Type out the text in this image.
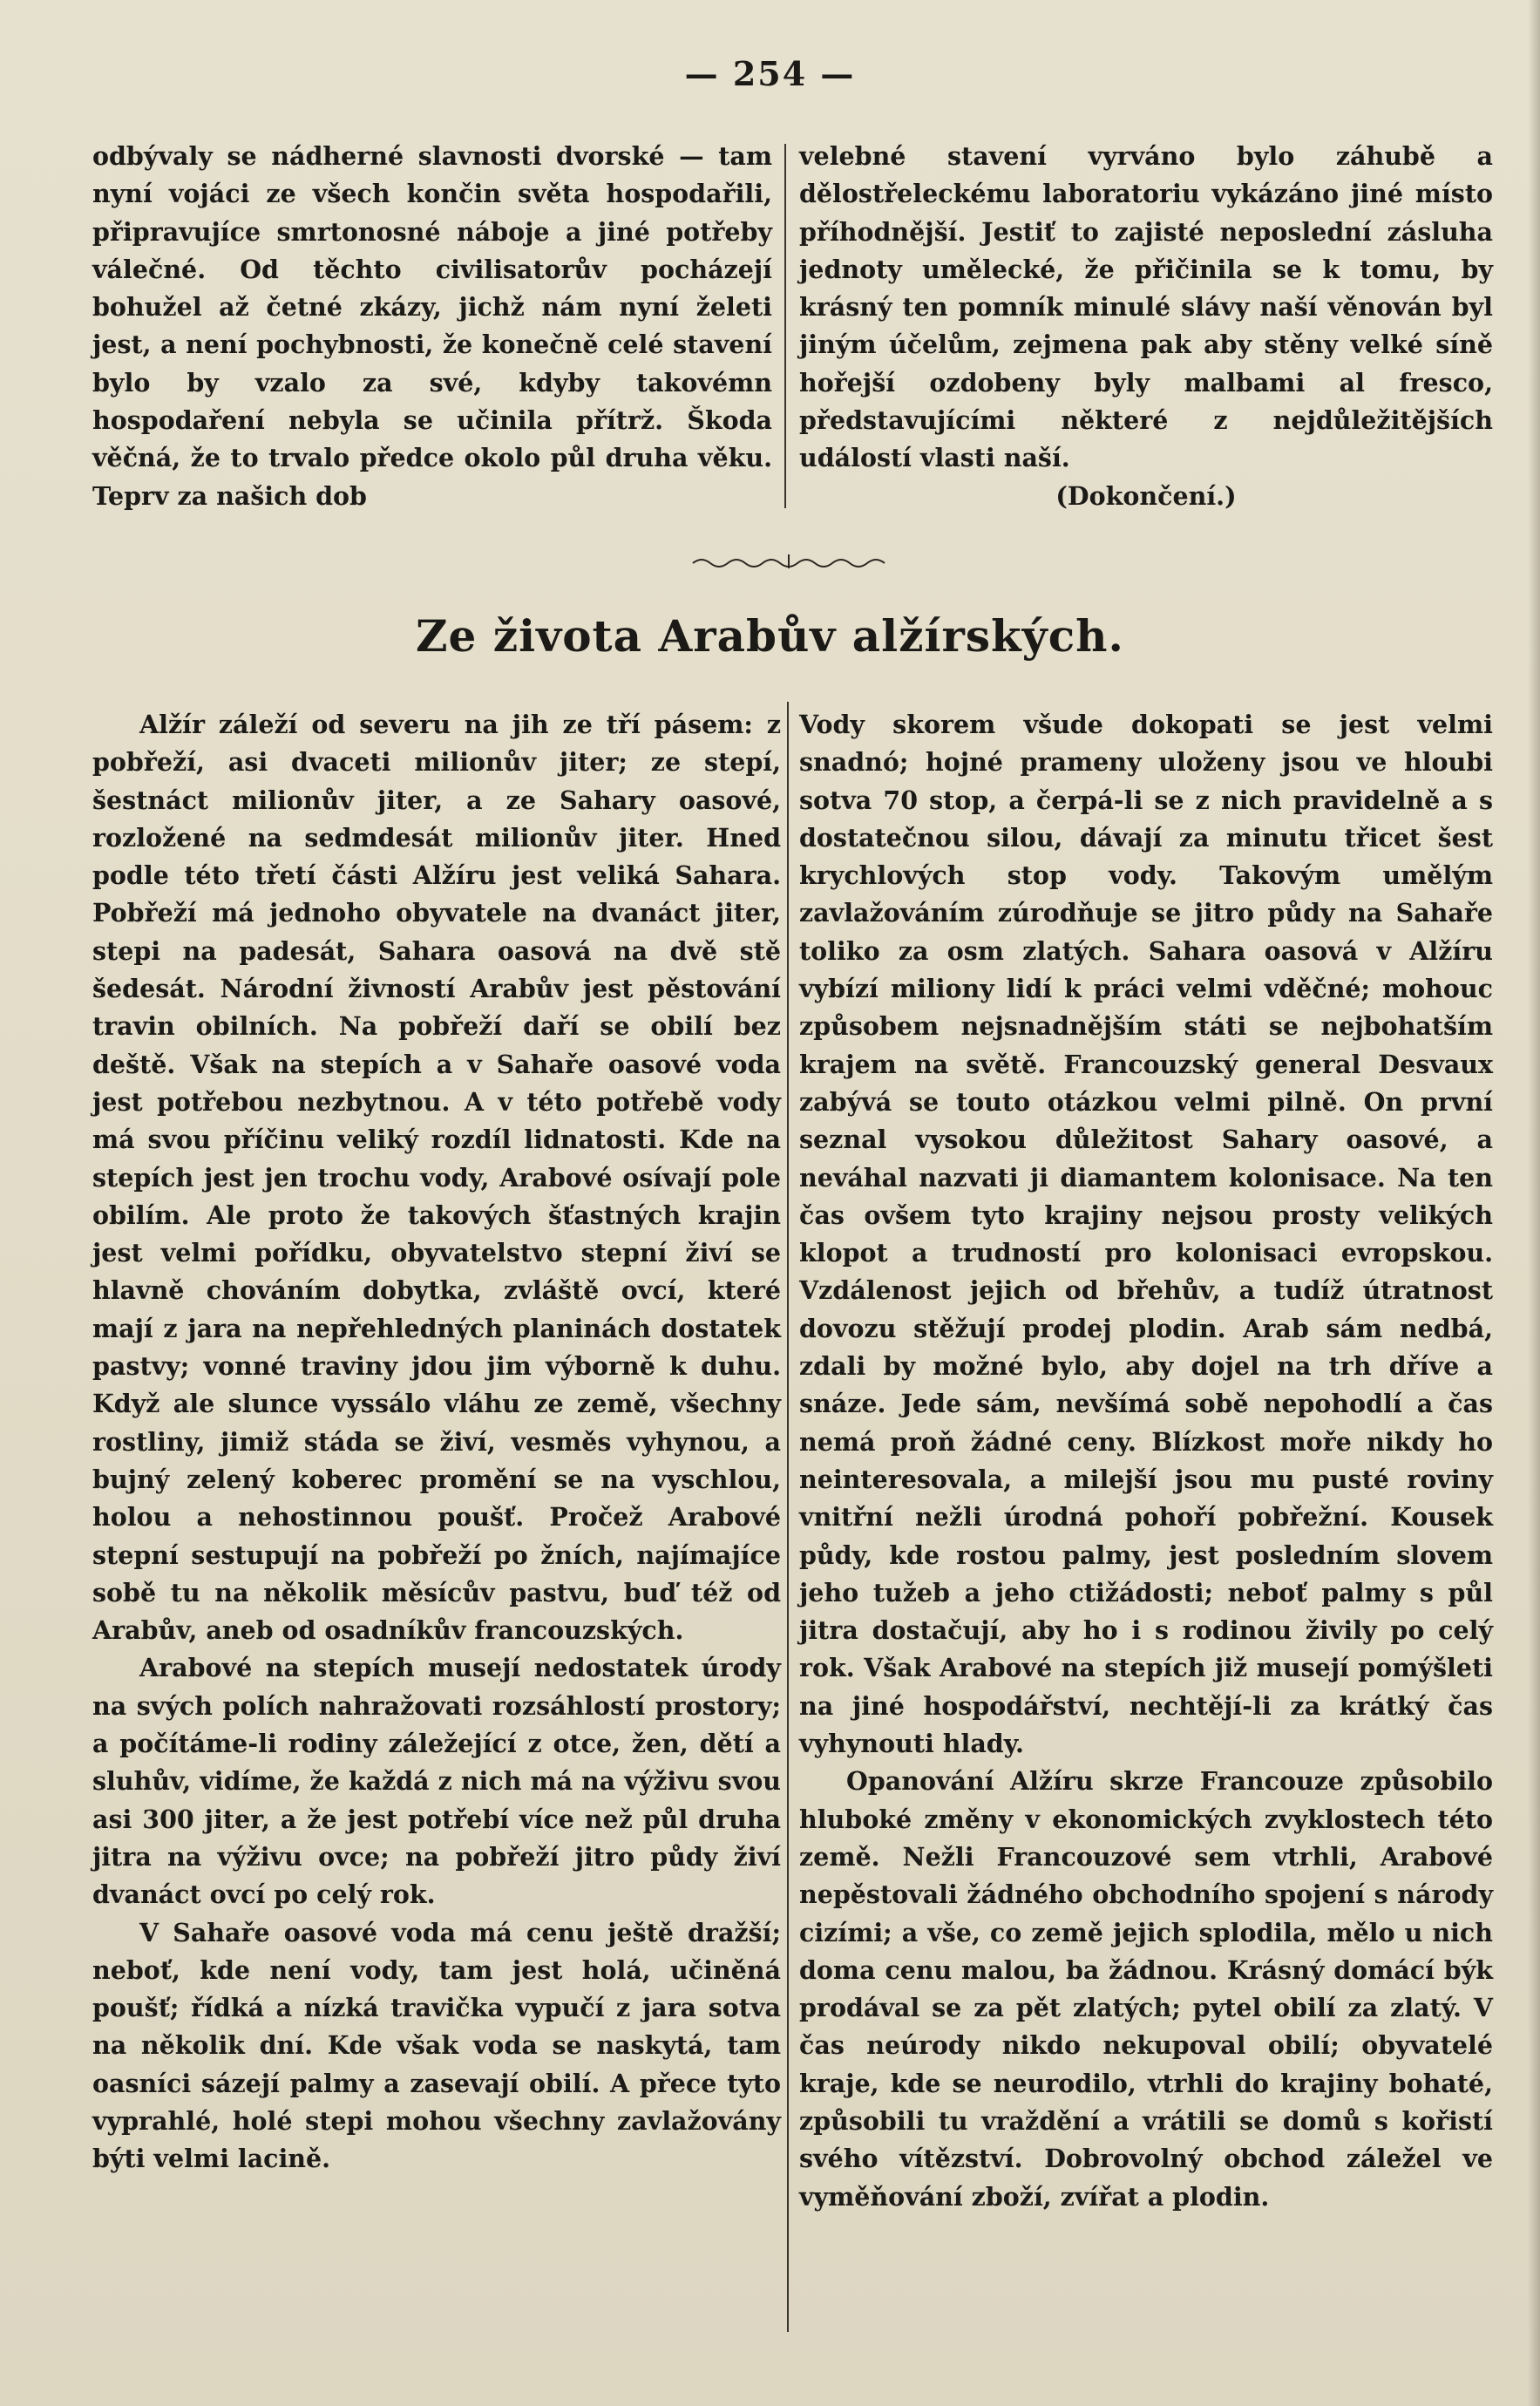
— 254 —

odbývaly se nádherné slavnosti dvorské — tam nyní vojáci ze všech končin světa hospodařili, připravujíce smrtonosné náboje a jiné potřeby válečné. Od těchto civilisatorův pocházejí bohužel až četné zkázy, jichž nám nyní želeti jest, a není pochybnosti, že konečně celé stavení bylo by vzalo za své, kdyby takovémn hospodaření nebyla se učinila přítrž. Škoda věčná, že to trvalo předce okolo půl druha věku. Teprv za našich dob

velebné stavení vyrváno bylo záhubě a dělostřeleckému laboratoriu vykázáno jiné místo příhodnější. Jestiť to zajisté neposlední zásluha jednoty umělecké, že přičinila se k tomu, by krásný ten pomník minulé slávy naší věnován byl jiným účelům, zejmena pak aby stěny velké síně hořejší ozdobeny byly malbami al fresco, představujícími některé z nejdůležitějších událostí vlasti naší.

(Dokončení.)

Ze života Arabův alžírských.

Alžír záleží od severu na jih ze tří pásem: z pobřeží, asi dvaceti milionův jiter; ze stepí, šestnáct milionův jiter, a ze Sahary oasové, rozložené na sedmdesát milionův jiter. Hned podle této třetí části Alžíru jest veliká Sahara. Pobřeží má jednoho obyvatele na dvanáct jiter, stepi na padesát, Sahara oasová na dvě stě šedesát. Národní živností Arabův jest pěstování travin obilních. Na pobřeží daří se obilí bez deště. Však na stepích a v Sahaře oasové voda jest potřebou nezbytnou. A v této potřebě vody má svou příčinu veliký rozdíl lidnatosti. Kde na stepích jest jen trochu vody, Arabové osívají pole obilím. Ale proto že takových šťastných krajin jest velmi pořídku, obyvatelstvo stepní živí se hlavně chováním dobytka, zvláště ovcí, které mají z jara na nepřehledných planinách dostatek pastvy; vonné traviny jdou jim výborně k duhu. Když ale slunce vyssálo vláhu ze země, všechny rostliny, jimiž stáda se živí, vesměs vyhynou, a bujný zelený koberec promění se na vyschlou, holou a nehostinnou poušť. Pročež Arabové stepní sestupují na pobřeží po žních, najímajíce sobě tu na několik měsícův pastvu, buď též od Arabův, aneb od osadníkův francouzských.

Arabové na stepích musejí nedostatek úrody na svých polích nahražovati rozsáhlostí prostory; a počítáme-li rodiny záležející z otce, žen, dětí a sluhův, vidíme, že každá z nich má na výživu svou asi 300 jiter, a že jest potřebí více než půl druha jitra na výživu ovce; na pobřeží jitro půdy živí dvanáct ovcí po celý rok.

V Sahaře oasové voda má cenu ještě dražší; neboť, kde není vody, tam jest holá, učiněná poušť; řídká a nízká travička vypučí z jara sotva na několik dní. Kde však voda se naskytá, tam oasníci sázejí palmy a zasevají obilí. A přece tyto vyprahlé, holé stepi mohou všechny zavlažovány býti velmi lacině.

Vody skorem všude dokopati se jest velmi snadnó; hojné prameny uloženy jsou ve hloubi sotva 70 stop, a čerpá-li se z nich pravidelně a s dostatečnou silou, dávají za minutu třicet šest krychlových stop vody. Takovým umělým zavlažováním zúrodňuje se jitro půdy na Sahaře toliko za osm zlatých. Sahara oasová v Alžíru vybízí miliony lidí k práci velmi vděčné; mohouc způsobem nejsnadnějším státi se nejbohatším krajem na světě. Francouzský general Desvaux zabývá se touto otázkou velmi pilně. On první seznal vysokou důležitost Sahary oasové, a neváhal nazvati ji diamantem kolonisace. Na ten čas ovšem tyto krajiny nejsou prosty velikých klopot a trudností pro kolonisaci evropskou. Vzdálenost jejich od břehův, a tudíž útratnost dovozu stěžují prodej plodin. Arab sám nedbá, zdali by možné bylo, aby dojel na trh dříve a snáze. Jede sám, nevšímá sobě nepohodlí a čas nemá proň žádné ceny. Blízkost moře nikdy ho neinteresovala, a milejší jsou mu pusté roviny vnitřní nežli úrodná pohoří pobřežní. Kousek půdy, kde rostou palmy, jest posledním slovem jeho tužeb a jeho ctižádosti; neboť palmy s půl jitra dostačují, aby ho i s rodinou živily po celý rok. Však Arabové na stepích již musejí pomýšleti na jiné hospodářství, nechtějí-li za krátký čas vyhynouti hlady.

Opanování Alžíru skrze Francouze způsobilo hluboké změny v ekonomických zvyklostech této země. Nežli Francouzové sem vtrhli, Arabové nepěstovali žádného obchodního spojení s národy cizími; a vše, co země jejich splodila, mělo u nich doma cenu malou, ba žádnou. Krásný domácí býk prodával se za pět zlatých; pytel obilí za zlatý. V čas neúrody nikdo nekupoval obilí; obyvatelé kraje, kde se neurodilo, vtrhli do krajiny bohaté, způsobili tu vraždění a vrátili se domů s kořistí svého vítězství. Dobrovolný obchod záležel ve vyměňování zboží, zvířat a plodin.
